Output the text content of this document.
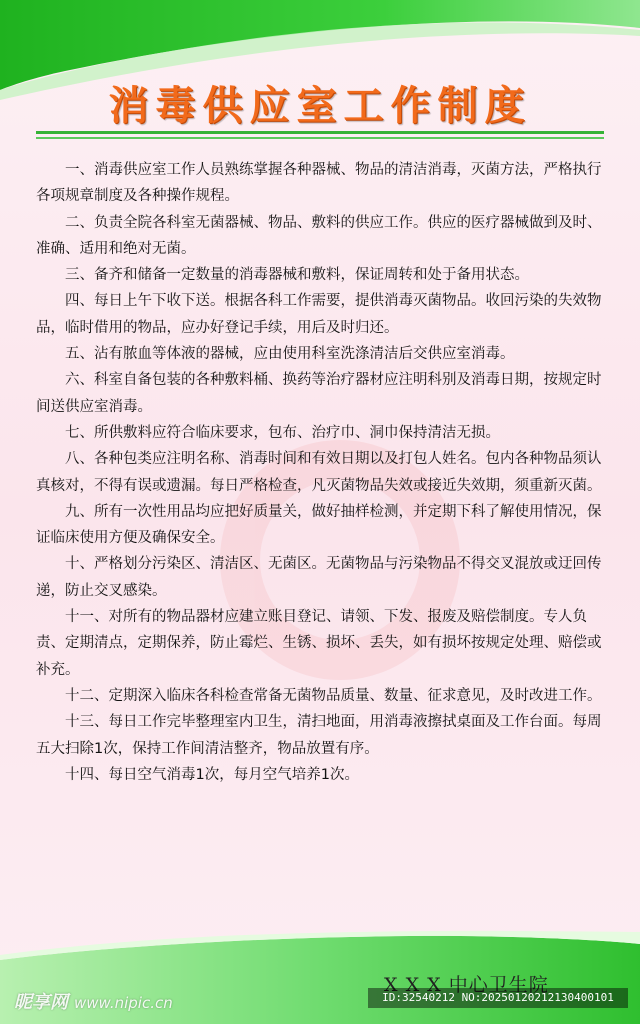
消毒供应室工作制度

一、消毒供应室工作人员熟练掌握各种器械、物品的清洁消毒，灭菌方法，严格执行各项规章制度及各种操作规程。

二、负责全院各科室无菌器械、物品、敷料的供应工作。供应的医疗器械做到及时、准确、适用和绝对无菌。

三、备齐和储备一定数量的消毒器械和敷料，保证周转和处于备用状态。

四、每日上午下收下送。根据各科工作需要，提供消毒灭菌物品。收回污染的失效物品，临时借用的物品，应办好登记手续，用后及时归还。

五、沾有脓血等体液的器械，应由使用科室洗涤清洁后交供应室消毒。

六、科室自备包装的各种敷料桶、换药等治疗器材应注明科别及消毒日期，按规定时间送供应室消毒。

七、所供敷料应符合临床要求，包布、治疗巾、洞巾保持清洁无损。

八、各种包类应注明名称、消毒时间和有效日期以及打包人姓名。包内各种物品须认真核对，不得有误或遗漏。每日严格检查，凡灭菌物品失效或接近失效期，须重新灭菌。

九、所有一次性用品均应把好质量关，做好抽样检测，并定期下科了解使用情况，保证临床使用方便及确保安全。

十、严格划分污染区、清洁区、无菌区。无菌物品与污染物品不得交叉混放或迂回传递，防止交叉感染。

十一、对所有的物品器材应建立账目登记、请领、下发、报废及赔偿制度。专人负责、定期清点，定期保养，防止霉烂、生锈、损坏、丢失，如有损坏按规定处理、赔偿或补充。

十二、定期深入临床各科检查常备无菌物品质量、数量、征求意见，及时改进工作。

十三、每日工作完毕整理室内卫生，清扫地面，用消毒液擦拭桌面及工作台面。每周五大扫除1次，保持工作间清洁整齐，物品放置有序。

十四、每日空气消毒1次，每月空气培养1次。

X X X 中心卫生院
昵享网 www.nipic.cn	ID:32540212 NO:20250120212130400101
